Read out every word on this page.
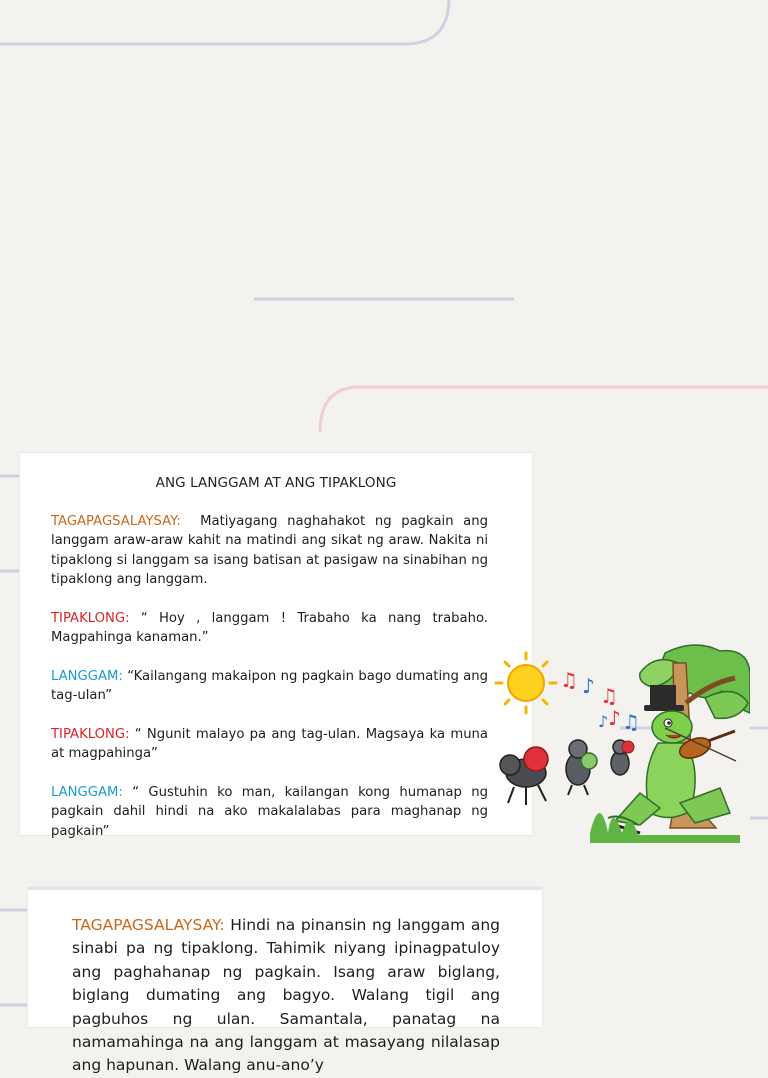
ANG LANGGAM AT ANG TIPAKLONG

TAGAPAGSALAYSAY: Matiyagang naghahakot ng pagkain ang langgam araw-araw kahit na matindi ang sikat ng araw. Nakita ni tipaklong si langgam sa isang batisan at pasigaw na sinabihan ng tipaklong ang langgam.

TIPAKLONG: “ Hoy , langgam ! Trabaho ka nang trabaho. Magpahinga kanaman.”

LANGGAM: “Kailangang makaipon ng pagkain bago dumating ang tag-ulan”

TIPAKLONG: “ Ngunit malayo pa ang tag-ulan. Magsaya ka muna at magpahinga”

LANGGAM: “ Gustuhin ko man, kailangan kong humanap ng pagkain dahil hindi na ako makalalabas para maghanap ng pagkain”

♫ ♪ ♫
♪
♪ ♫

TAGAPAGSALAYSAY: Hindi na pinansin ng langgam ang sinabi pa ng tipaklong. Tahimik niyang ipinagpatuloy ang paghahanap ng pagkain. Isang araw biglang, biglang dumating ang bagyo. Walang tigil ang pagbuhos ng ulan. Samantala, panatag na namamahinga na ang langgam at masayang nilalasap ang hapunan. Walang anu-ano’y
